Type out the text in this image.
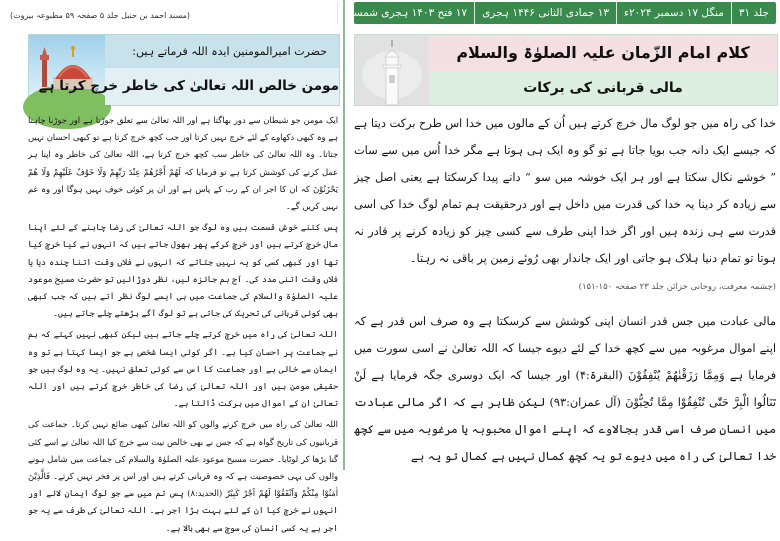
(مسند احمد بن حنبل جلد ۵ صفحہ ۵۹ مطبوعہ بیروت)
حضرت امیرالمومنین ایدہ اللہ فرماتے ہیں:
مومن خالص اللہ تعالیٰ کی خاطر خرچ کرتا ہے

ایک مومن جو شیطان سے دور بھاگتا ہے اور اللہ تعالیٰ سے تعلق جوڑتا ہے اور جوڑنا چاہتا ہے وہ کبھی دکھاوے کے لئے خرچ نہیں کرتا اور جب کچھ خرچ کرتا ہے تو کبھی احسان نہیں جتاتا۔ وہ اللہ تعالیٰ کی خاطر سب کچھ خرچ کرتا ہے، اللہ تعالیٰ کی خاطر وہ اپنا ہر عمل کرنے کی کوشش کرتا ہے تو فرمایا کہ لَهُمْ أَجْرُهُمْ عِنْدَ رَبِّهِمْ وَلَا خَوْفٌ عَلَيْهِمْ وَلَا هُمْ يَحْزَنُوْنَ کہ ان کا اجر ان کے رب کے پاس ہے اور ان پر کوئی خوف نہیں ہوگا اور وہ غم نہیں کریں گے۔

پس کتنے خوش قسمت ہیں وہ لوگ جو اللہ تعالیٰ کی رضا چاہنے کے لئے اپنا مال خرچ کرتے ہیں اور خرچ کرکے پھر بھول جاتے ہیں کہ انہوں نے کیا خرچ کیا تھا اور کبھی کسی کو یہ نہیں جتاتے کہ انہوں نے فلاں وقت اتنا چندہ دیا یا فلاں وقت اتنی مدد کی۔ آج ہم جائزہ لیں، نظر دوڑائیں تو حضرت مسیح موعود علیہ الصلوٰۃ والسلام کی جماعت میں ہی ایسے لوگ نظر آتے ہیں کہ جب کبھی بھی کوئی قربانی کی تحریک کی جاتی ہے تو لوگ آگے بڑھتے چلے جاتے ہیں۔

اللہ تعالیٰ کی راہ میں خرچ کرتے چلے جاتے ہیں لیکن کبھی نہیں کہتے کہ ہم نے جماعت پر احسان کیا ہے۔ اگر کوئی ایسا شخص ہے جو ایسا کہتا ہے تو وہ ایمان سے خالی ہے اور جماعت کا اس سے کوئی تعلق نہیں۔ یہ وہ لوگ ہیں جو حقیقی مومن ہیں اور اللہ تعالیٰ کی رضا کی خاطر خرچ کرتے ہیں اور اللہ تعالیٰ ان کے اموال میں برکت ڈالتا ہے۔

اللہ تعالیٰ کی راہ میں خرچ کرنے والوں کو اللہ تعالیٰ کبھی ضائع نہیں کرتا۔ جماعت کی قربانیوں کی تاریخ گواہ ہے کہ جس نے بھی خالص نیت سے خرچ کیا اللہ تعالیٰ نے اسے کئی گنا بڑھا کر لوٹایا۔ حضرت مسیح موعود علیہ الصلوٰۃ والسلام کی جماعت میں شامل ہونے والوں کی یہی خصوصیت ہے کہ وہ قربانی کرتے ہیں اور اس پر فخر نہیں کرتے۔ فَالَّذِيْنَ اٰمَنُوْا مِنْكُمْ وَاَنْفَقُوْا لَهُمْ اَجْرٌ كَبِيْرٌ (الحدید:۸) پس تم میں سے جو لوگ ایمان لائے اور انہوں نے خرچ کیا ان کے لئے بہت بڑا اجر ہے۔ اللہ تعالیٰ کی طرف سے یہ جو اجر ہے یہ کسی انسان کی سوچ سے بھی بالا ہے۔

جلد ۳۱
منگل ۱۷ دسمبر ۲۰۲۴ء
۱۳ جمادی الثانی ۱۴۴۶ ہجری
۱۷ فتح ۱۴۰۳ ہجری شمسی
شمارہ ۳۰۰
کلام امام الزّمان علیہ الصلوٰۃ والسلام
مالی قربانی کی برکات

خدا کی راہ میں جو لوگ مال خرچ کرتے ہیں اُن کے مالوں میں خدا اس طرح برکت دیتا ہے کہ جیسے ایک دانہ جب بویا جاتا ہے تو گو وہ ایک ہی ہوتا ہے مگر خدا اُس میں سے سات ” خوشے نکال سکتا ہے اور ہر ایک خوشہ میں سو “ دانے پیدا کرسکتا ہے یعنی اصل چیز سے زیادہ کر دینا یہ خدا کی قدرت میں داخل ہے اور درحقیقت ہم تمام لوگ خدا کی اسی قدرت سے ہی زندہ ہیں اور اگر خدا اپنی طرف سے کسی چیز کو زیادہ کرنے پر قادر نہ ہوتا تو تمام دنیا ہلاک ہو جاتی اور ایک جاندار بھی رُوئے زمین پر باقی نہ رہتا۔

(چشمہ معرفت، روحانی خزائن جلد ۲۳ صفحہ ۱۵۰-۱۵۱)

مالی عبادت میں جس قدر انسان اپنی کوشش سے کرسکتا ہے وہ صرف اس قدر ہے کہ اپنے اموال مرغوبہ میں سے کچھ خدا کے لئے دیوے جیسا کہ اللہ تعالیٰ نے اسی سورت میں فرمایا ہے وَمِمَّا رَزَقْنٰهُمْ يُنْفِقُوْنَ (البقرۃ:۴) اور جیسا کہ ایک دوسری جگہ فرمایا ہے لَنْ تَنَالُوا الْبِرَّ حَتّٰى تُنْفِقُوْا مِمَّا تُحِبُّوْنَ (آل عمران:۹۳) لیکن ظاہر ہے کہ اگر مالی عبادت میں انسان صرف اسی قدر بجالاوے کہ اپنے اموال محبوبہ یا مرغوبہ میں سے کچھ خدا تعالیٰ کی راہ میں دیوے تو یہ کچھ کمال نہیں ہے کمال تو یہ ہے
